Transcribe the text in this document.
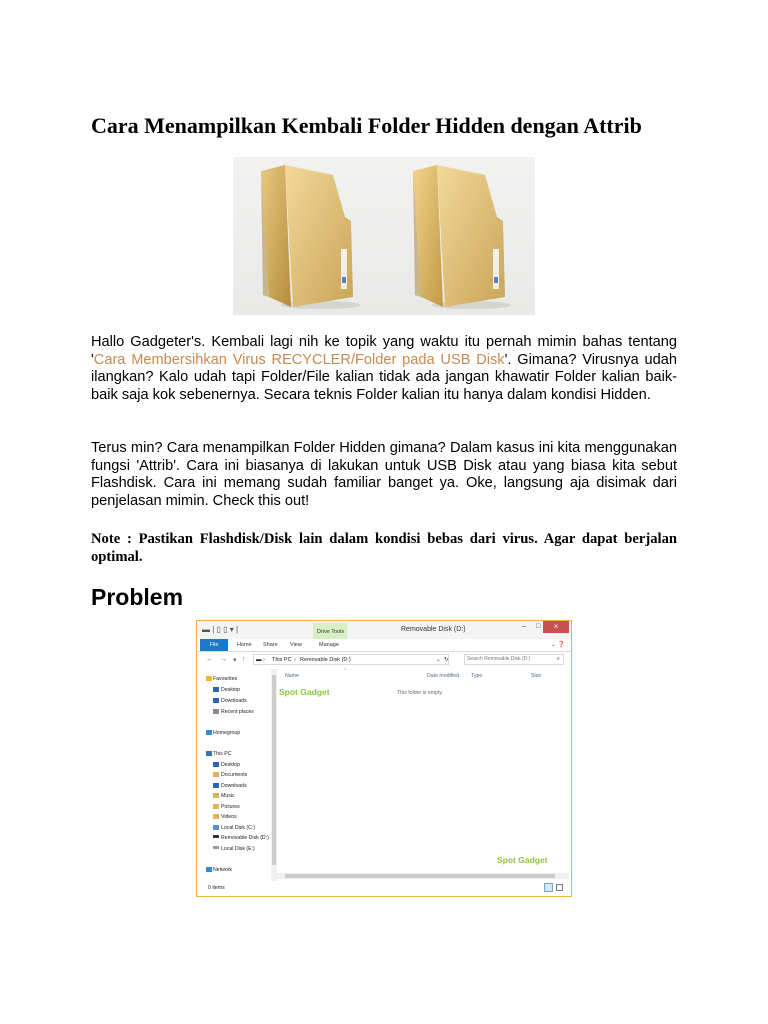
Cara Menampilkan Kembali Folder Hidden dengan Attrib
Hallo Gadgeter's. Kembali lagi nih ke topik yang waktu itu pernah mimin bahas tentang 'Cara Membersihkan Virus RECYCLER/Folder pada USB Disk'. Gimana? Virusnya udah ilangkan? Kalo udah tapi Folder/File kalian tidak ada jangan khawatir Folder kalian baik-baik saja kok sebenernya. Secara teknis Folder kalian itu hanya dalam kondisi Hidden.
Terus min? Cara menampilkan Folder Hidden gimana? Dalam kasus ini kita menggunakan fungsi 'Attrib'. Cara ini biasanya di lakukan untuk USB Disk atau yang biasa kita sebut Flashdisk. Cara ini memang sudah familiar banget ya. Oke, langsung aja disimak dari penjelasan mimin. Check this out!
Note : Pastikan Flashdisk/Disk lain dalam kondisi bebas dari virus. Agar dapat berjalan optimal.
Problem
▬ | ▯ ▯ ▾ |	Drive Tools	Removable Disk (D:)	– □	×
File	Home Share View	Manage	⌄ ❓
← → ▾ ↑ ▬ › This PC › Removable Disk (D:)	⌄ ↻
Search Removable Disk (D:)	⌕
Favourites
Desktop
Downloads
Recent places
Homegroup
This PC
Desktop
Documents
Downloads
Music
Pictures
Videos
Local Disk (C:)
Removable Disk (D:)
Local Disk (E:)
Network
Name
⌃
Date modified Type	Size
This folder is empty.
Spot Gadget
Spot Gadget
0 items
